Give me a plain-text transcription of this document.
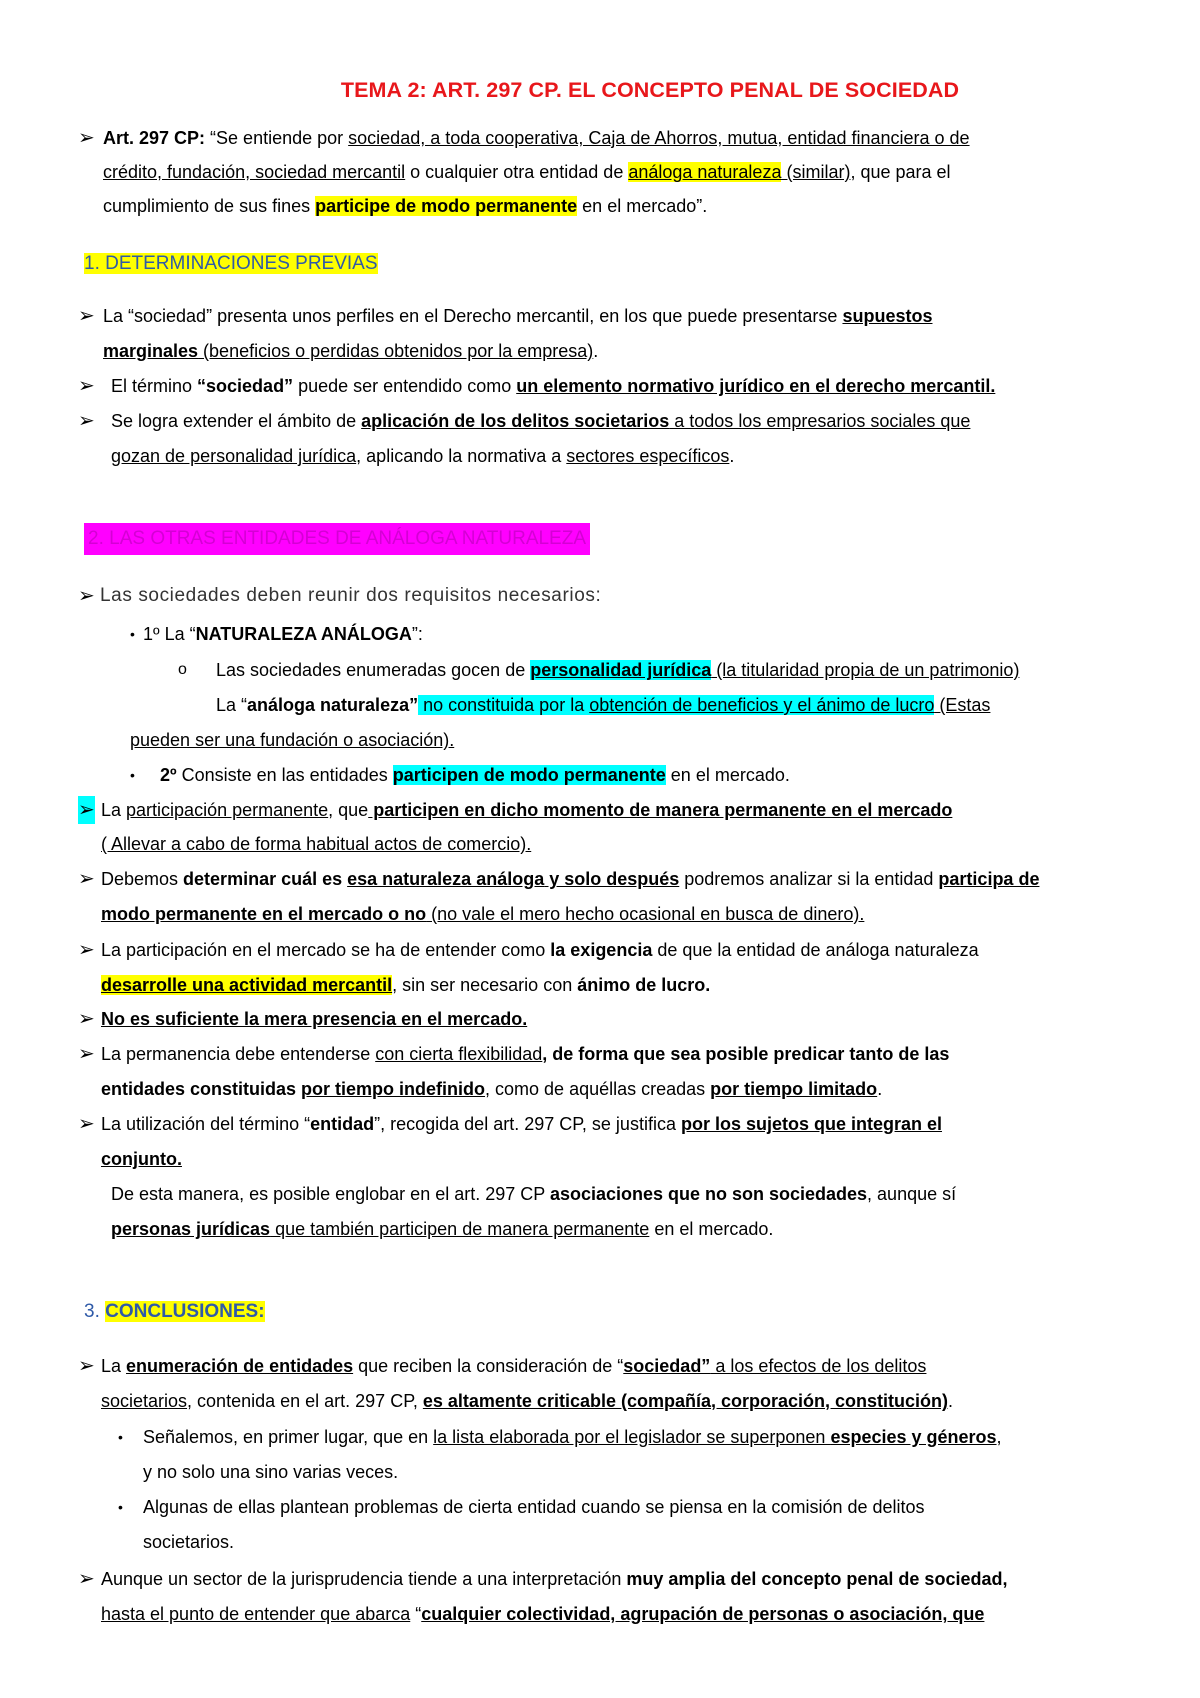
TEMA 2: ART. 297 CP. EL CONCEPTO PENAL DE SOCIEDAD
➢ Art. 297 CP: “Se entiende por sociedad, a toda cooperativa, Caja de Ahorros, mutua, entidad financiera o de
crédito, fundación, sociedad mercantil o cualquier otra entidad de análoga naturaleza (similar), que para el
cumplimiento de sus fines participe de modo permanente en el mercado”.
1. DETERMINACIONES PREVIAS
➢ La “sociedad” presenta unos perfiles en el Derecho mercantil, en los que puede presentarse supuestos
marginales (beneficios o perdidas obtenidos por la empresa).
➢ El término “sociedad” puede ser entendido como un elemento normativo jurídico en el derecho mercantil.
➢ Se logra extender el ámbito de aplicación de los delitos societarios a todos los empresarios sociales que
gozan de personalidad jurídica, aplicando la normativa a sectores específicos.
2. LAS OTRAS ENTIDADES DE ANÁLOGA NATURALEZA
➢ Las sociedades deben reunir dos requisitos necesarios:
• 1º La “NATURALEZA ANÁLOGA”:
o Las sociedades enumeradas gocen de personalidad jurídica (la titularidad propia de un patrimonio)
La “análoga naturaleza” no constituida por la obtención de beneficios y el ánimo de lucro (Estas
pueden ser una fundación o asociación).
• 2º Consiste en las entidades participen de modo permanente en el mercado.
➢ La participación permanente, que participen en dicho momento de manera permanente en el mercado
( Allevar a cabo de forma habitual actos de comercio).
➢ Debemos determinar cuál es esa naturaleza análoga y solo después podremos analizar si la entidad participa de
modo permanente en el mercado o no (no vale el mero hecho ocasional en busca de dinero).
➢ La participación en el mercado se ha de entender como la exigencia de que la entidad de análoga naturaleza
desarrolle una actividad mercantil, sin ser necesario con ánimo de lucro.
➢ No es suficiente la mera presencia en el mercado.
➢ La permanencia debe entenderse con cierta flexibilidad, de forma que sea posible predicar tanto de las
entidades constituidas por tiempo indefinido, como de aquéllas creadas por tiempo limitado.
➢ La utilización del término “entidad”, recogida del art. 297 CP, se justifica por los sujetos que integran el
conjunto.
De esta manera, es posible englobar en el art. 297 CP asociaciones que no son sociedades, aunque sí
personas jurídicas que también participen de manera permanente en el mercado.
3. CONCLUSIONES:
➢ La enumeración de entidades que reciben la consideración de “sociedad” a los efectos de los delitos
societarios, contenida en el art. 297 CP, es altamente criticable (compañía, corporación, constitución).
• Señalemos, en primer lugar, que en la lista elaborada por el legislador se superponen especies y géneros,
y no solo una sino varias veces.
• Algunas de ellas plantean problemas de cierta entidad cuando se piensa en la comisión de delitos
societarios.
➢ Aunque un sector de la jurisprudencia tiende a una interpretación muy amplia del concepto penal de sociedad,
hasta el punto de entender que abarca “cualquier colectividad, agrupación de personas o asociación, que
